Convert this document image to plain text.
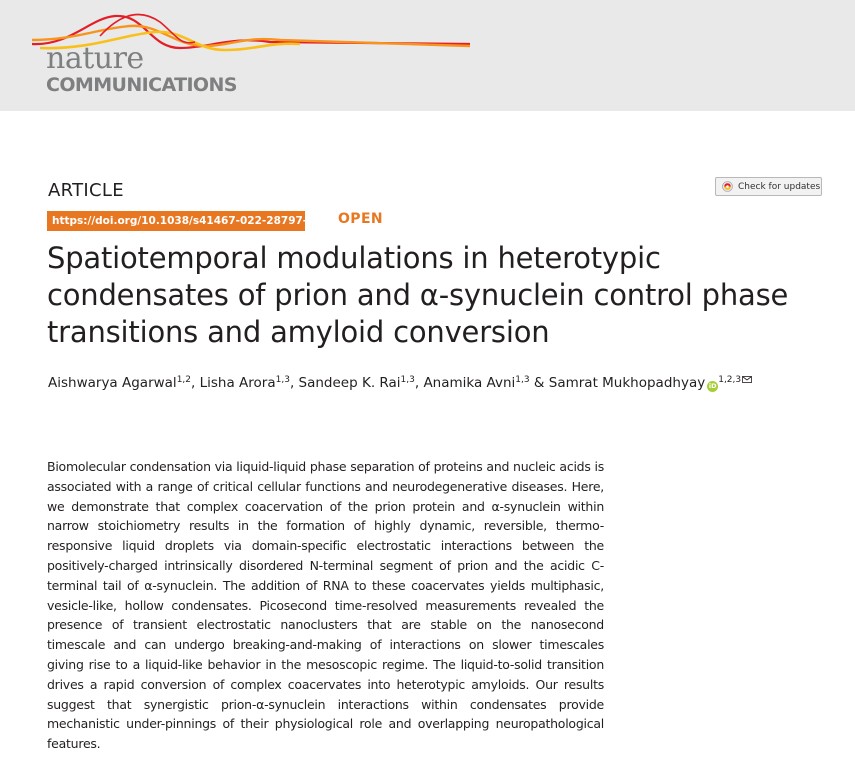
nature
COMMUNICATIONS
ARTICLE	Check for updates
https://doi.org/10.1038/s41467-022-28797-5 OPEN
Spatiotemporal modulations in heterotypic condensates of prion and α-synuclein control phase transitions and amyloid conversion
Aishwarya Agarwal$^{1,2}$, Lisha Arora$^{1,3}$, Sandeep K. Rai$^{1,3}$, Anamika Avni$^{1,3}$ & Samrat Mukhopadhyay iD$^{1,2,3}$

Biomolecular condensation via liquid-liquid phase separation of proteins and nucleic acids is associated with a range of critical cellular functions and neurodegenerative diseases. Here, we demonstrate that complex coacervation of the prion protein and α-synuclein within narrow stoichiometry results in the formation of highly dynamic, reversible, thermo-responsive liquid droplets via domain-specific electrostatic interactions between the positively-charged intrinsically disordered N-terminal segment of prion and the acidic C-terminal tail of α-synuclein. The addition of RNA to these coacervates yields multiphasic, vesicle-like, hollow condensates. Picosecond time-resolved measurements revealed the presence of transient electrostatic nanoclusters that are stable on the nanosecond timescale and can undergo breaking-and-making of interactions on slower timescales giving rise to a liquid-like behavior in the mesoscopic regime. The liquid-to-solid transition drives a rapid conversion of complex coacervates into heterotypic amyloids. Our results suggest that synergistic prion-α-synuclein interactions within condensates provide mechanistic under-pinnings of their physiological role and overlapping neuropathological features.
